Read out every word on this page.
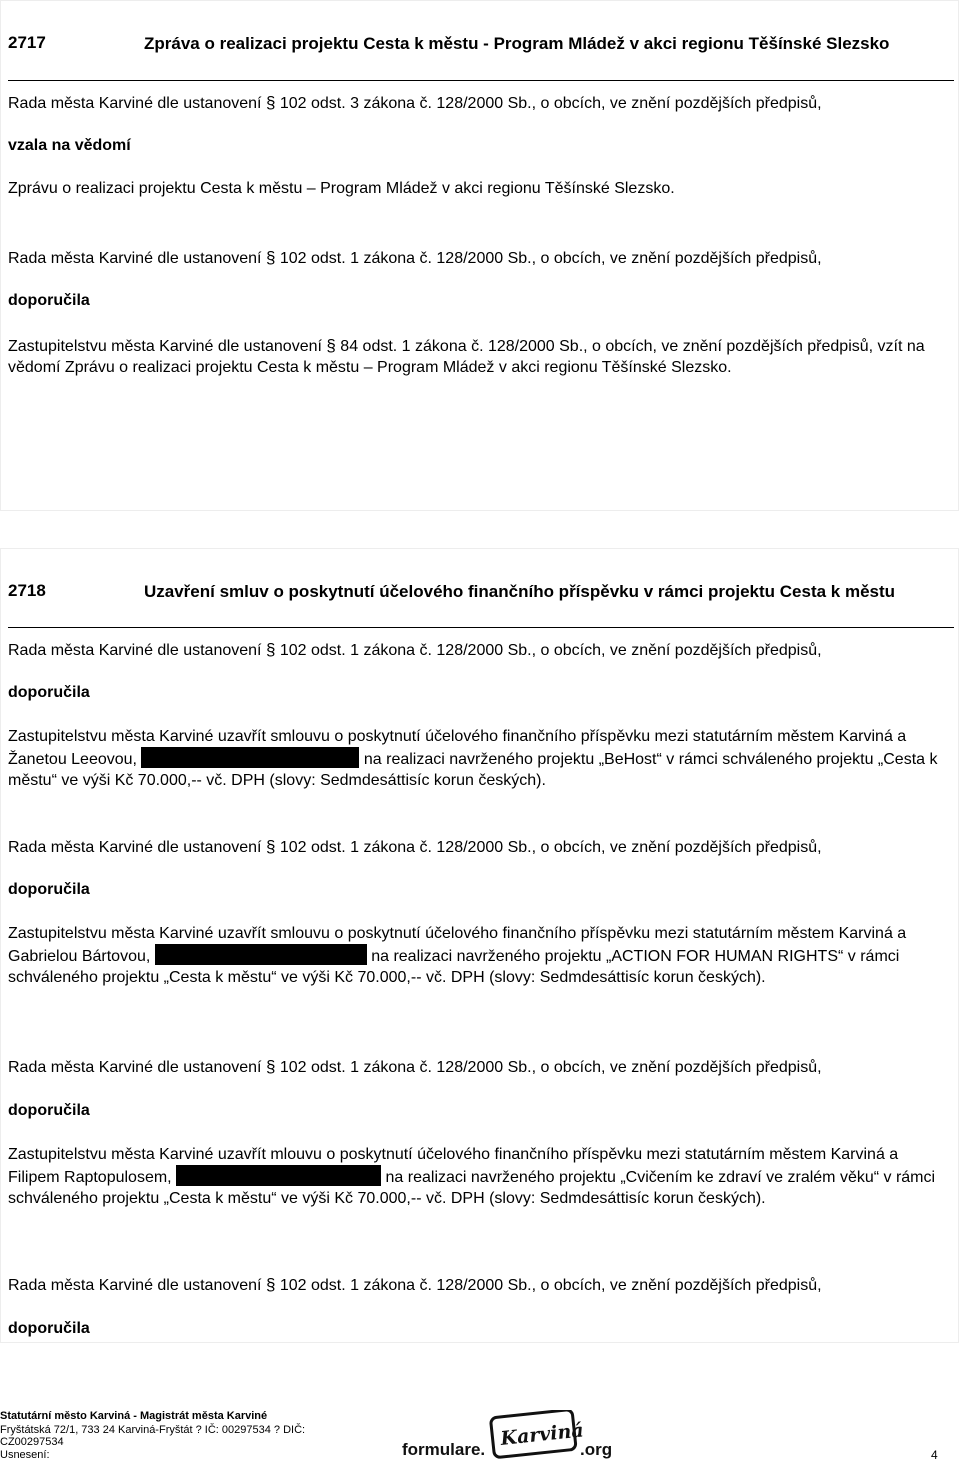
2717	Zpráva o realizaci projektu Cesta k městu - Program Mládež v akci regionu Těšínské Slezsko
Rada města Karviné dle ustanovení § 102 odst. 3 zákona č. 128/2000 Sb., o obcích, ve znění pozdějších předpisů,
vzala na vědomí
Zprávu o realizaci projektu Cesta k městu – Program Mládež v akci regionu Těšínské Slezsko.
Rada města Karviné dle ustanovení § 102 odst. 1 zákona č. 128/2000 Sb., o obcích, ve znění pozdějších předpisů,
doporučila
Zastupitelstvu města Karviné dle ustanovení § 84 odst. 1 zákona č. 128/2000 Sb., o obcích, ve znění pozdějších předpisů, vzít na vědomí Zprávu o realizaci projektu Cesta k městu – Program Mládež v akci regionu Těšínské Slezsko.
2718	Uzavření smluv o poskytnutí účelového finančního příspěvku v rámci projektu Cesta k městu
Rada města Karviné dle ustanovení § 102 odst. 1 zákona č. 128/2000 Sb., o obcích, ve znění pozdějších předpisů,
doporučila
Zastupitelstvu města Karviné uzavřít smlouvu o poskytnutí účelového finančního příspěvku mezi statutárním městem Karviná a Žanetou Leeovou,	na realizaci navrženého projektu „BeHost“ v rámci schváleného projektu „Cesta k městu“ ve výši Kč 70.000,-- vč. DPH (slovy: Sedmdesáttisíc korun českých).
Rada města Karviné dle ustanovení § 102 odst. 1 zákona č. 128/2000 Sb., o obcích, ve znění pozdějších předpisů,
doporučila
Zastupitelstvu města Karviné uzavřít smlouvu o poskytnutí účelového finančního příspěvku mezi statutárním městem Karviná a Gabrielou Bártovou,	na realizaci navrženého projektu „ACTION FOR HUMAN RIGHTS“ v rámci schváleného projektu „Cesta k městu“ ve výši Kč 70.000,-- vč. DPH (slovy: Sedmdesáttisíc korun českých).
Rada města Karviné dle ustanovení § 102 odst. 1 zákona č. 128/2000 Sb., o obcích, ve znění pozdějších předpisů,
doporučila
Zastupitelstvu města Karviné uzavřít mlouvu o poskytnutí účelového finančního příspěvku mezi statutárním městem Karviná a Filipem Raptopulosem,	na realizaci navrženého projektu „Cvičením ke zdraví ve zralém věku“ v rámci schváleného projektu „Cesta k městu“ ve výši Kč 70.000,-- vč. DPH (slovy: Sedmdesáttisíc korun českých).
Rada města Karviné dle ustanovení § 102 odst. 1 zákona č. 128/2000 Sb., o obcích, ve znění pozdějších předpisů,
doporučila
Statutární město Karviná - Magistrát města Karviné
Fryštátská 72/1, 733 24 Karviná-Fryštát ? IČ: 00297534 ? DIČ: CZ00297534
Usnesení:	formulare. Karviná
.org	4
